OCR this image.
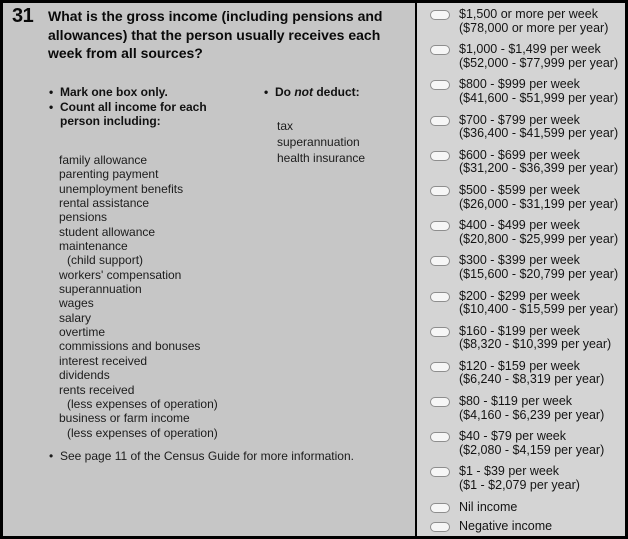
31 What is the gross income (including pensions and allowances) that the person usually receives each week from all sources?
• Mark one box only.
• Count all income for each person including:
family allowance
parenting payment
unemployment benefits
rental assistance
pensions
student allowance
maintenance
(child support)
workers' compensation
superannuation
wages
salary
overtime
commissions and bonuses
interest received
dividends
rents received
(less expenses of operation)
business or farm income
(less expenses of operation)
• See page 11 of the Census Guide for more information.
• Do not deduct:
tax
superannuation
health insurance
$1,500 or more per week
($78,000 or more per year)
$1,000 - $1,499 per week
($52,000 - $77,999 per year)
$800 - $999 per week
($41,600 - $51,999 per year)
$700 - $799 per week
($36,400 - $41,599 per year)
$600 - $699 per week
($31,200 - $36,399 per year)
$500 - $599 per week
($26,000 - $31,199 per year)
$400 - $499 per week
($20,800 - $25,999 per year)
$300 - $399 per week
($15,600 - $20,799 per year)
$200 - $299 per week
($10,400 - $15,599 per year)
$160 - $199 per week
($8,320 - $10,399 per year)
$120 - $159 per week
($6,240 - $8,319 per year)
$80 - $119 per week
($4,160 - $6,239 per year)
$40 - $79 per week
($2,080 - $4,159 per year)
$1 - $39 per week
($1 - $2,079 per year)
Nil income
Negative income
